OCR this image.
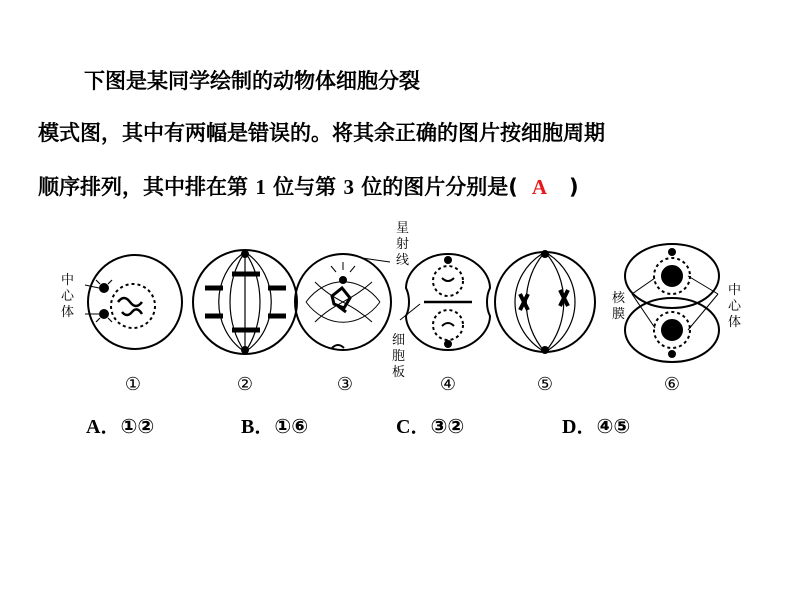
下图是某同学绘制的动物体细胞分裂
模式图，其中有两幅是错误的。将其余正确的图片按细胞周期
顺序排列，其中排在第 1 位与第 3 位的图片分别是( A )
中
心
体
星
射
线
细
胞
板
核
膜
中
心
体
①	②	③	④	⑤	⑥
A．①②	B．①⑥	C．③②	D．④⑤
